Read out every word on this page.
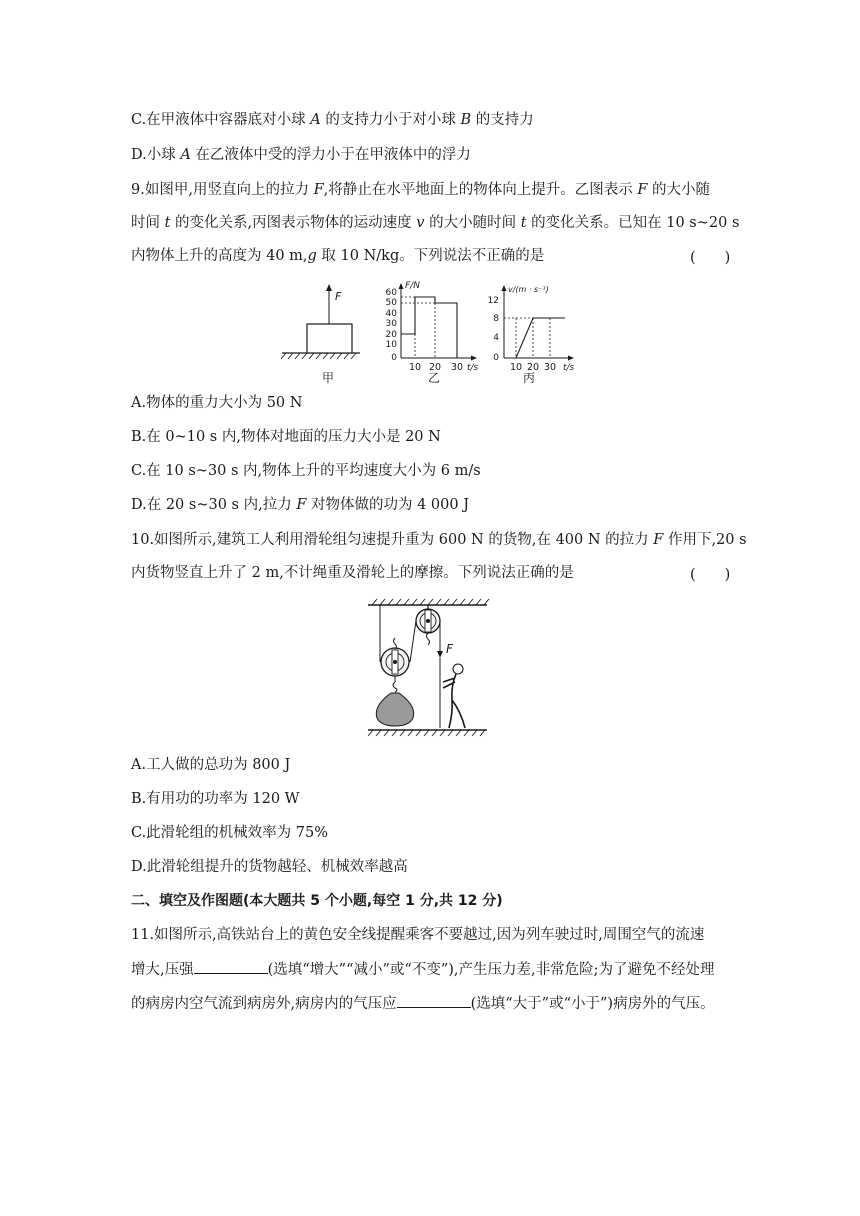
C.在甲液体中容器底对小球 A 的支持力小于对小球 B 的支持力
D.小球 A 在乙液体中受的浮力小于在甲液体中的浮力
9.如图甲,用竖直向上的拉力 F,将静止在水平地面上的物体向上提升。乙图表示 F 的大小随
时间 t 的变化关系,丙图表示物体的运动速度 v 的大小随时间 t 的变化关系。已知在 10 s~20 s
内物体上升的高度为 40 m,g 取 10 N/kg。下列说法不正确的是	(　　)
F
甲
F/N
60
50
40
30
20
10
0
10 20 30 t/s
乙
v/(m · s⁻¹)
12
8
4
0
10 20 30 t/s
丙
A.物体的重力大小为 50 N
B.在 0~10 s 内,物体对地面的压力大小是 20 N
C.在 10 s~30 s 内,物体上升的平均速度大小为 6 m/s
D.在 20 s~30 s 内,拉力 F 对物体做的功为 4 000 J
10.如图所示,建筑工人利用滑轮组匀速提升重为 600 N 的货物,在 400 N 的拉力 F 作用下,20 s
内货物竖直上升了 2 m,不计绳重及滑轮上的摩擦。下列说法正确的是	(　　)
F
A.工人做的总功为 800 J
B.有用功的功率为 120 W
C.此滑轮组的机械效率为 75%
D.此滑轮组提升的货物越轻、机械效率越高
二、填空及作图题(本大题共 5 个小题,每空 1 分,共 12 分)
11.如图所示,高铁站台上的黄色安全线提醒乘客不要越过,因为列车驶过时,周围空气的流速
增大,压强	(选填“增大”“减小”或“不变”),产生压力差,非常危险;为了避免不经处理
的病房内空气流到病房外,病房内的气压应	(选填“大于”或“小于”)病房外的气压。
